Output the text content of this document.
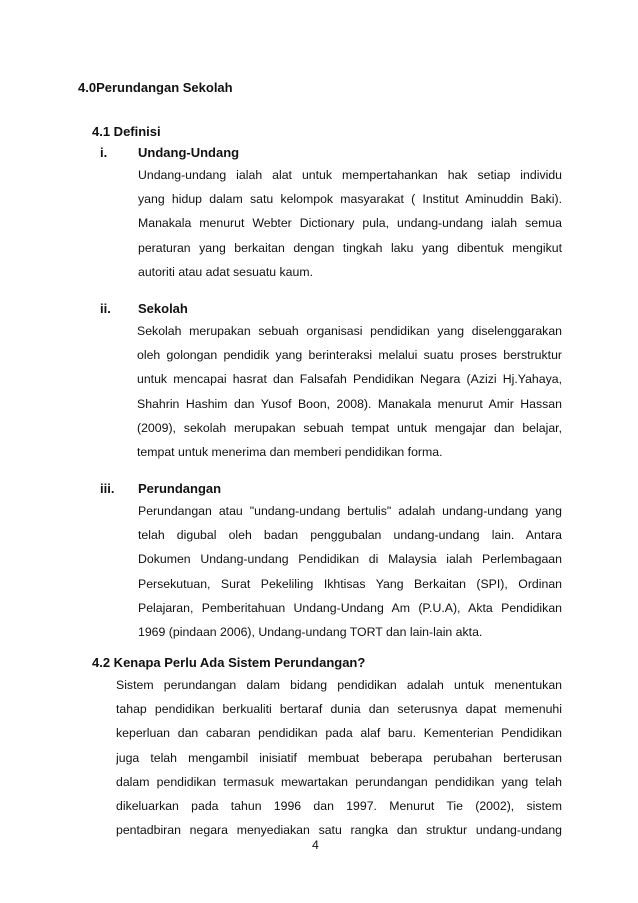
4.0Perundangan Sekolah
4.1 Definisi
i. Undang-Undang
Undang-undang ialah alat untuk mempertahankan hak setiap individu
yang hidup dalam satu kelompok masyarakat ( Institut Aminuddin Baki).
Manakala menurut Webter Dictionary pula, undang-undang ialah semua
peraturan yang berkaitan dengan tingkah laku yang dibentuk mengikut
autoriti atau adat sesuatu kaum.
ii. Sekolah
Sekolah merupakan sebuah organisasi pendidikan yang diselenggarakan
oleh golongan pendidik yang berinteraksi melalui suatu proses berstruktur
untuk mencapai hasrat dan Falsafah Pendidikan Negara (Azizi Hj.Yahaya,
Shahrin Hashim dan Yusof Boon, 2008). Manakala menurut Amir Hassan
(2009), sekolah merupakan sebuah tempat untuk mengajar dan belajar,
tempat untuk menerima dan memberi pendidikan forma.
iii. Perundangan
Perundangan atau "undang-undang bertulis" adalah undang-undang yang
telah digubal oleh badan penggubalan undang-undang lain. Antara
Dokumen Undang-undang Pendidikan di Malaysia ialah Perlembagaan
Persekutuan, Surat Pekeliling Ikhtisas Yang Berkaitan (SPI), Ordinan
Pelajaran, Pemberitahuan Undang-Undang Am (P.U.A), Akta Pendidikan
1969 (pindaan 2006), Undang-undang TORT dan lain-lain akta.
4.2 Kenapa Perlu Ada Sistem Perundangan?
Sistem perundangan dalam bidang pendidikan adalah untuk menentukan
tahap pendidikan berkualiti bertaraf dunia dan seterusnya dapat memenuhi
keperluan dan cabaran pendidikan pada alaf baru. Kementerian Pendidikan
juga telah mengambil inisiatif membuat beberapa perubahan berterusan
dalam pendidikan termasuk mewartakan perundangan pendidikan yang telah
dikeluarkan pada tahun 1996 dan 1997. Menurut Tie (2002), sistem
pentadbiran negara menyediakan satu rangka dan struktur undang-undang
4
